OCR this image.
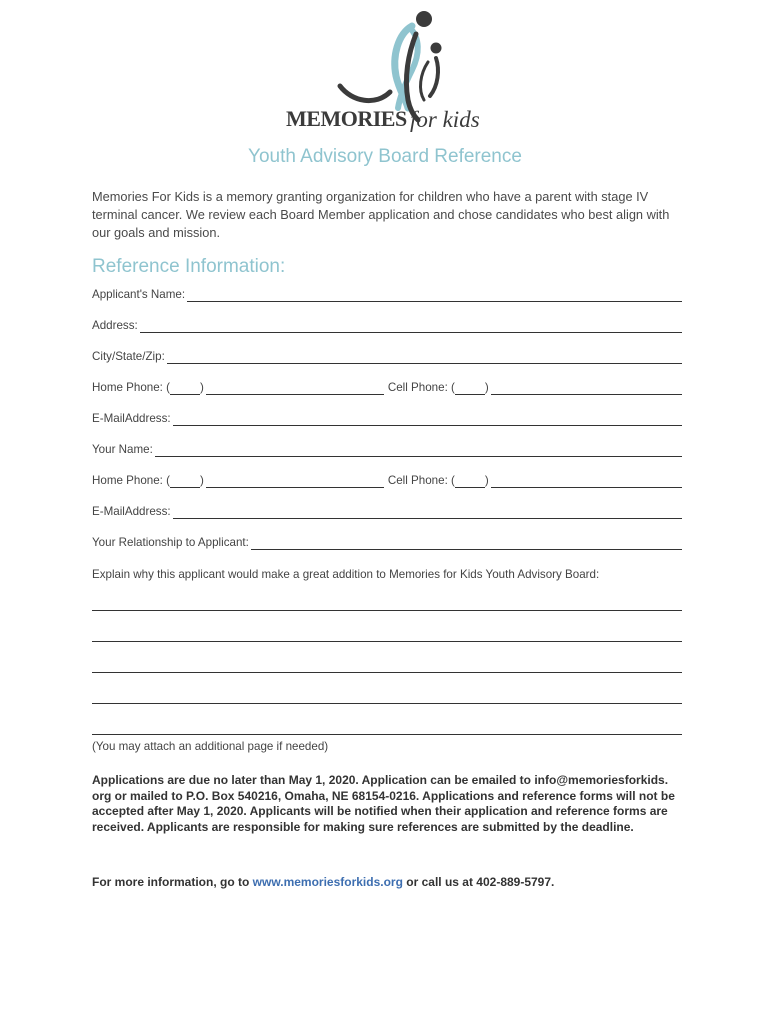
MEMORIES for kids
Youth Advisory Board Reference
Memories For Kids is a memory granting organization for children who have a parent with stage IV terminal cancer. We review each Board Member application and chose candidates who best align with our goals and mission.
Reference Information:
Applicant's Name:
Address:
City/State/Zip:
Home Phone: (	)	Cell Phone: (	)
E-MailAddress:
Your Name:
Home Phone: (	)	Cell Phone: (	)
E-MailAddress:
Your Relationship to Applicant:
Explain why this applicant would make a great addition to Memories for Kids Youth Advisory Board:
(You may attach an additional page if needed)
Applications are due no later than May 1, 2020. Application can be emailed to info@memoriesforkids. org or mailed to P.O. Box 540216, Omaha, NE 68154-0216. Applications and reference forms will not be accepted after May 1, 2020. Applicants will be notified when their application and reference forms are received. Applicants are responsible for making sure references are submitted by the deadline.
For more information, go to www.memoriesforkids.org or call us at 402-889-5797.
